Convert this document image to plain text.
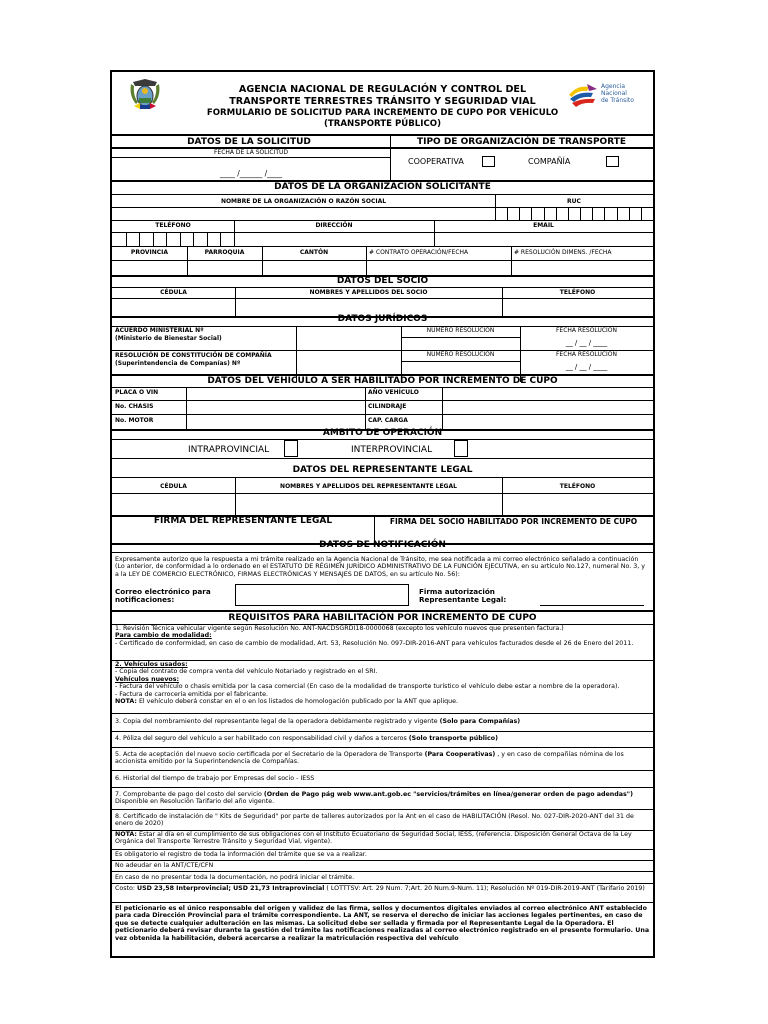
AGENCIA NACIONAL DE REGULACIÓN Y CONTROL DEL
TRANSPORTE TERRESTRES TRÁNSITO Y SEGURIDAD VIAL
FORMULARIO DE SOLICITUD PARA INCREMENTO DE CUPO POR VEHÍCULO
(TRANSPORTE PÚBLICO)
Agencia
Nacional
de Tránsito
DATOS DE LA SOLICITUD	TIPO DE ORGANIZACIÓN DE TRANSPORTE
FECHA DE LA SOLICITUD
____ /______ /____
COOPERATIVA	COMPAÑÍA
DATOS DE LA ORGANIZACIÓN SOLICITANTE
NOMBRE DE LA ORGANIZACIÓN O RAZÓN SOCIAL	RUC
TELÉFONO	DIRECCIÓN	EMAIL
PROVINCIA	PARROQUIA	CANTÓN	# CONTRATO OPERACIÓN/FECHA	# RESOLUCIÓN DIMENS. /FECHA
DATOS DEL SOCIO
CÉDULA	NOMBRES Y APELLIDOS DEL SOCIO	TELÉFONO
DATOS JURÍDICOS
ACUERDO MINISTERIAL Nº
(Ministerio de Bienestar Social)
NUMERO RESOLUCIÓN	FECHA RESOLUCIÓN
__ / __ / ____
RESOLUCIÓN DE CONSTITUCIÓN DE COMPAÑÍA
(Superintendencia de Companías) Nº
NUMERO RESOLUCIÓN	FECHA RESOLUCIÓN
__ / __ / ____
DATOS DEL VEHÍCULO A SER HABILITADO POR INCREMENTO DE CUPO
PLACA O VIN	AÑO VEHÍCULO
No. CHASIS	CILINDRAJE
No. MOTOR	CAP. CARGA
AMBITO DE OPERACIÓN
INTRAPROVINCIAL	INTERPROVINCIAL
DATOS DEL REPRESENTANTE LEGAL
CÉDULA	NOMBRES Y APELLIDOS DEL REPRESENTANTE LEGAL	TELÉFONO
FIRMA DEL REPRESENTANTE LEGAL	FIRMA DEL SOCIO HABILITADO POR INCREMENTO DE CUPO
DATOS DE NOTIFICACIÓN
Expresamente autorizo que la respuesta a mi trámite realizado en la Agencia Nacional de Tránsito, me sea notificada a mi correo electrónico señalado a continuación (Lo anterior, de conformidad a lo ordenado en el ESTATUTO DE RÉGIMEN JURÍDICO ADMINISTRATIVO DE LA FUNCIÓN EJECUTIVA, en su artículo No.127, numeral No. 3, y a la LEY DE COMERCIO ELECTRÓNICO, FIRMAS ELECTRÓNICAS Y MENSAJES DE DATOS, en su artículo No. 56):
Correo electrónico para
notificaciones:
Firma autorización
Representante Legal:
REQUISITOS PARA HABILITACIÓN POR INCREMENTO DE CUPO
1. Revisión Técnica vehicular vigente según Resolución No. ANT-NACDSGRDI18-0000068 (excepto los vehículo nuevos que presenten factura.)
Para cambio de modalidad:
- Certificado de conformidad, en caso de cambio de modalidad, Art. 53, Resolución No. 097-DIR-2016-ANT para vehículos facturados desde el 26 de Enero del 2011.
2. Vehículos usados:
- Copia del contrato de compra venta del vehículo Notariado y registrado en el SRI.
Vehículos nuevos:
- Factura del vehículo o chasis emitida por la casa comercial (En caso de la modalidad de transporte turístico el vehículo debe estar a nombre de la operadora).
- Factura de carrocería emitida por el fabricante.
NOTA: El vehículo deberá constar en el o en los listados de homologación publicado por la ANT que aplique.
3. Copia del nombramiento del representante legal de la operadora debidamente registrado y vigente (Solo para Compañías)
4. Póliza del seguro del vehículo a ser habilitado con responsabilidad civil y daños a terceros (Solo transporte público)
5. Acta de aceptación del nuevo socio certificada por el Secretario de la Operadora de Transporte (Para Cooperativas) , y en caso de compañías nómina de los accionista emitido por la Superintendencia de Compañías.
6. Historial del tiempo de trabajo por Empresas del socio - IESS
7. Comprobante de pago del costo del servicio (Orden de Pago pág web www.ant.gob.ec "servicios/trámites en línea/generar orden de pago adendas") Disponible en Resolución Tarifario del año vigente.
8. Certificado de instalación de " Kits de Seguridad" por parte de talleres autorizados por la Ant en el caso de HABILITACIÓN (Resol. No. 027-DIR-2020-ANT del 31 de enero de 2020)
NOTA: Estar al día en el cumplimiento de sus obligaciones con el Instituto Ecuatoriano de Seguridad Social, IESS, (referencia. Disposición General Octava de la Ley Orgánica del Transporte Terrestre Tránsito y Seguridad Vial, vigente).
Es obligatorio el registro de toda la información del trámite que se va a realizar.
No adeudar en la ANT/CTE/CFN
En caso de no presentar toda la documentación, no podrá iniciar el trámite.
Costo: USD 23,58 Interprovincial; USD 21,73 Intraprovincial ( LOTTTSV: Art. 29 Num. 7;Art. 20 Num.9-Num. 11); Resolución Nº 019-DIR-2019-ANT (Tarifario 2019)
El peticionario es el único responsable del origen y validez de las firma, sellos y documentos digitales enviados al correo electrónico ANT establecido para cada Dirección Provincial para el trámite correspondiente. La ANT, se reserva el derecho de iniciar las acciones legales pertinentes, en caso de que se detecte cualquier adulteración en las mismas. La solicitud debe ser sellada y firmada por el Representante Legal de la Operadora. El peticionario deberá revisar durante la gestión del trámite las notificaciones realizadas al correo electrónico registrado en el presente formulario. Una vez obtenida la habilitación, deberá acercarse a realizar la matriculación respectiva del vehículo
